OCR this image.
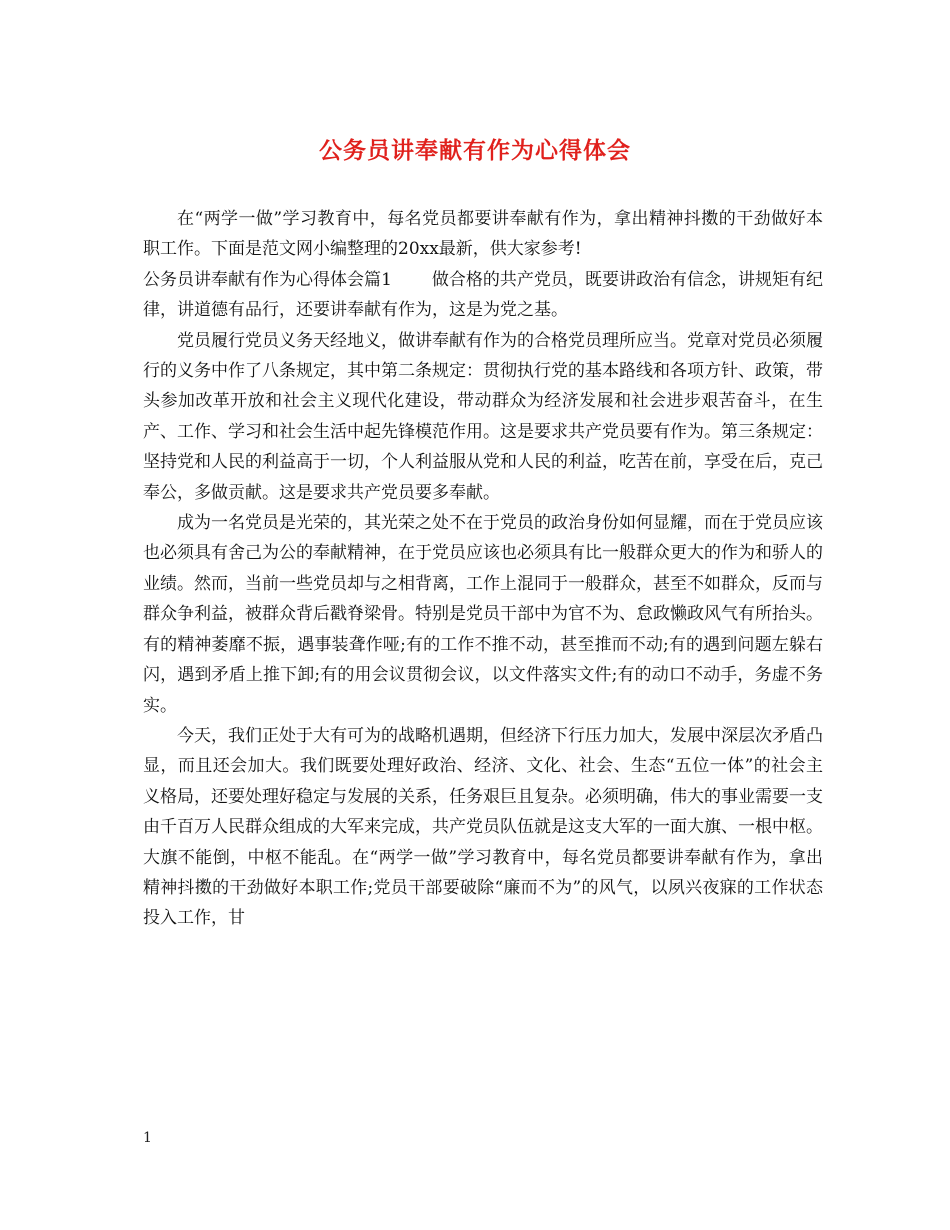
公务员讲奉献有作为心得体会

在“两学一做”学习教育中，每名党员都要讲奉献有作为，拿出精神抖擞的干劲做好本职工作。下面是范文网小编整理的20xx最新，供大家参考!

公务员讲奉献有作为心得体会篇1 做合格的共产党员，既要讲政治有信念，讲规矩有纪律，讲道德有品行，还要讲奉献有作为，这是为党之基。

党员履行党员义务天经地义，做讲奉献有作为的合格党员理所应当。党章对党员必须履行的义务中作了八条规定，其中第二条规定：贯彻执行党的基本路线和各项方针、政策，带头参加改革开放和社会主义现代化建设，带动群众为经济发展和社会进步艰苦奋斗，在生产、工作、学习和社会生活中起先锋模范作用。这是要求共产党员要有作为。第三条规定：坚持党和人民的利益高于一切，个人利益服从党和人民的利益，吃苦在前，享受在后，克己奉公，多做贡献。这是要求共产党员要多奉献。

成为一名党员是光荣的，其光荣之处不在于党员的政治身份如何显耀，而在于党员应该也必须具有舍己为公的奉献精神，在于党员应该也必须具有比一般群众更大的作为和骄人的业绩。然而，当前一些党员却与之相背离，工作上混同于一般群众，甚至不如群众，反而与群众争利益，被群众背后戳脊梁骨。特别是党员干部中为官不为、怠政懒政风气有所抬头。有的精神萎靡不振，遇事装聋作哑;有的工作不推不动，甚至推而不动;有的遇到问题左躲右闪，遇到矛盾上推下卸;有的用会议贯彻会议，以文件落实文件;有的动口不动手，务虚不务实。

今天，我们正处于大有可为的战略机遇期，但经济下行压力加大，发展中深层次矛盾凸显，而且还会加大。我们既要处理好政治、经济、文化、社会、生态“五位一体”的社会主义格局，还要处理好稳定与发展的关系，任务艰巨且复杂。必须明确，伟大的事业需要一支由千百万人民群众组成的大军来完成，共产党员队伍就是这支大军的一面大旗、一根中枢。大旗不能倒，中枢不能乱。在“两学一做”学习教育中，每名党员都要讲奉献有作为，拿出精神抖擞的干劲做好本职工作;党员干部要破除“廉而不为”的风气，以夙兴夜寐的工作状态投入工作，甘

1
